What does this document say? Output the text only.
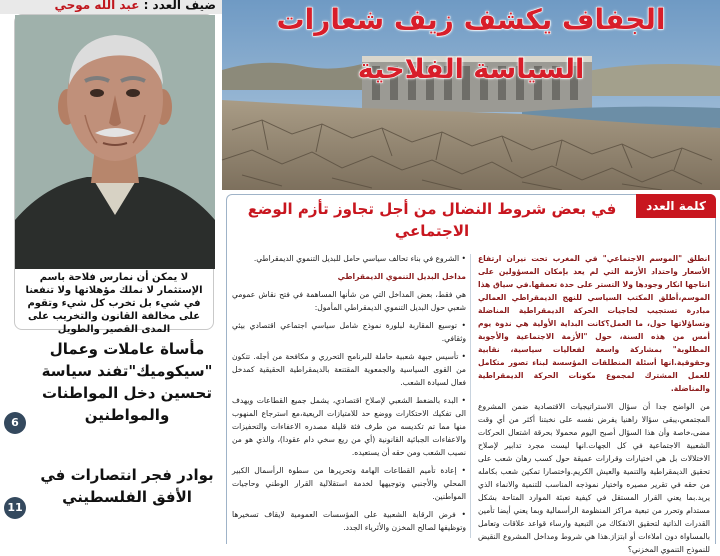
ضيف العدد : عبد الله موحي
لا يمكن أن نمارس فلاحة باسم الإستثمار لا نملك مؤهلاتها ولا تنفعنا في شيء بل تخرب كل شيء وتقوم على مخالفة القانون والتخريب على المدى القصير والطويل
مأساة عاملات وعمال "سيكوميك"تفند سياسة تحسين دخل المواطنات والمواطنين
6
بوادر فجر انتصارات في الأفق الفلسطيني
11
الجفاف يكشف زيف شعارات
السياسة الفلاحية
كلمة العدد
في بعض شروط النضال من أجل تجاوز تأزم الوضع الاجتماعي

انطلق "الموسم الاجتماعي" في المغرب تحت نيران ارتفاع الأسعار واحتداد الأزمة التي لم يعد بإمكان المسؤولين على انتاجها انكار وجودها ولا التستر على حدة تعمقها.في سياق هذا الموسم،أطلق المكتب السياسي للنهج الديمقراطي العمالي مبادرة تستجيب لحاجيات الحركة الديمقراطية المناضلة وتساؤلاتها حول، ما العمل؟كانت البداية الأولية هي ندوة يوم أمس من هذه السنة، حول "الأزمة الاجتماعية والأجوبة المطلوبة" بمشاركة واسعة لفعاليات سياسية، نقابية وحقوقية.انها أسئلة المنطلقات المؤسسة لبناء تصور متكامل للعمل المشترك لمجموع مكونات الحركة الديمقراطية والمناضلة.

من الواضح جدا أن سؤال الاستراتيجيات الاقتصادية ضمن المشروع المجتمعي،يبقى سؤالا راهنيا يفرض نفسه على نخبتنا أكثر من أي وقت مضى،خاصة وأن هذا السؤال أصبح اليوم محمولا بحرقة اشتعال الحركات الشعبية الاجتماعية في كل الجهات.انها ليست مجرد تدابير لإصلاح الاختلالات بل هي اختيارات وقرارات عميقة حول كسب رهان شعب على تحقيق الديمقراطية والتنمية والعيش الكريم.واختصارا تمكين شعب بكامله من حقه في تقرير مصيره واختيار نموذجه المناسب للتنمية والانماء الذي يريد.بما يعني القرار المستقل في كيفية تعبئة الموارد المتاحة بشكل مستدام وتحرر من تبعية مراكز المنظومة الرأسمالية وبما يعني أيضا تأمين القدرات الذاتية لتحقيق الانفكاك من التبعية وارساء قواعد علاقات وتعامل بالمساواة دون املاءات أو ابتزاز.هذا هي شروط ومداخل المشروع النقيض للنموذج التنموي المخزني؟

• الشروع في بناء تحالف سياسي حامل للبديل التنموي الديمقراطي.

مداخل البديل التنموي الديمقراطي

هي فقط، بعض المداخل التي من شأنها المساهمة في فتح نقاش عمومي شعبي حول البديل التنموي الديمقراطي المأمول:

• توسيع المقاربة لبلورة نموذج شامل سياسي اجتماعي اقتصادي بيئي وثقافي.

• تأسيس جبهة شعبية حاملة للبرنامج التحرري و مكافحة من أجله. تتكون من القوى السياسية والجمعوية المقتنعة بالديمقراطية الحقيقية كمدخل فعال لسيادة الشعب.

• البدء بالضغط الشعبي لإصلاح اقتصادي، يشمل جميع القطاعات ويهدف الى تفكيك الاحتكارات ووضع حد للامتيازات الريعية،مع استرجاع المنهوب منها مما تم تكديسه من طرف فئة قليلة مصدره الاعفاءات والتحفيزات والاعفاءات الجبائية القانونية (أي من ريع سخي دام عقودا)، والذي هو من نصيب الشعب ومن حقه أن يستعيده.

• إعادة تأميم القطاعات الهامة وتحريرها من سطوة الرأسمال الكبير المحلي والأجنبي وتوجيهها لخدمة استقلالية القرار الوطني وحاجيات المواطنين.

• فرض الرقابة الشعبية على المؤسسات العمومية لايقاف تسخيرها وتوظيفها لصالح المخزن والأثرياء الجدد.
